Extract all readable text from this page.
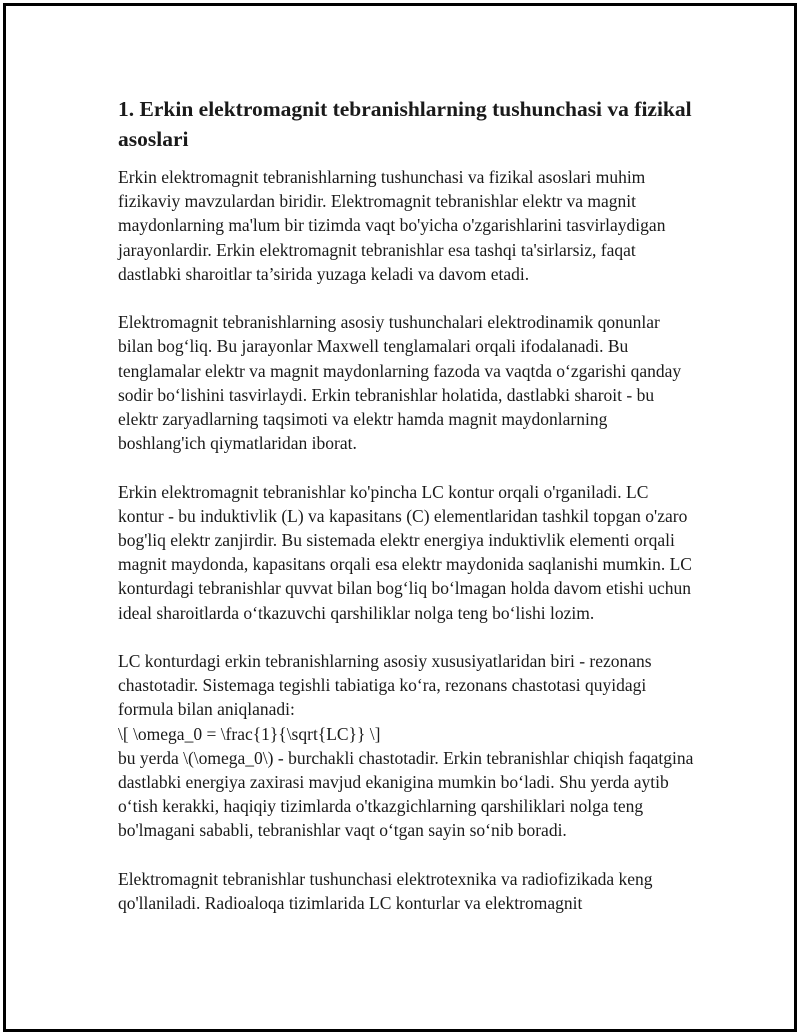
1. Erkin elektromagnit tebranishlarning tushunchasi va fizikal asoslari

Erkin elektromagnit tebranishlarning tushunchasi va fizikal asoslari muhim fizikaviy mavzulardan biridir. Elektromagnit tebranishlar elektr va magnit maydonlarning ma'lum bir tizimda vaqt bo'yicha o'zgarishlarini tasvirlaydigan jarayonlardir. Erkin elektromagnit tebranishlar esa tashqi ta'sirlarsiz, faqat dastlabki sharoitlar ta’sirida yuzaga keladi va davom etadi.

Elektromagnit tebranishlarning asosiy tushunchalari elektrodinamik qonunlar bilan bog‘liq. Bu jarayonlar Maxwell tenglamalari orqali ifodalanadi. Bu tenglamalar elektr va magnit maydonlarning fazoda va vaqtda o‘zgarishi qanday sodir bo‘lishini tasvirlaydi. Erkin tebranishlar holatida, dastlabki sharoit - bu elektr zaryadlarning taqsimoti va elektr hamda magnit maydonlarning boshlang'ich qiymatlaridan iborat.

Erkin elektromagnit tebranishlar ko'pincha LC kontur orqali o'rganiladi. LC kontur - bu induktivlik (L) va kapasitans (C) elementlaridan tashkil topgan o'zaro bog'liq elektr zanjirdir. Bu sistemada elektr energiya induktivlik elementi orqali magnit maydonda, kapasitans orqali esa elektr maydonida saqlanishi mumkin. LC konturdagi tebranishlar quvvat bilan bog‘liq bo‘lmagan holda davom etishi uchun ideal sharoitlarda o‘tkazuvchi qarshiliklar nolga teng bo‘lishi lozim.

LC konturdagi erkin tebranishlarning asosiy xususiyatlaridan biri - rezonans chastotadir. Sistemaga tegishli tabiatiga ko‘ra, rezonans chastotasi quyidagi formula bilan aniqlanadi:
\[ \omega_0 = \frac{1}{\sqrt{LC}} \]
bu yerda \(\omega_0\) - burchakli chastotadir. Erkin tebranishlar chiqish faqatgina dastlabki energiya zaxirasi mavjud ekanigina mumkin bo‘ladi. Shu yerda aytib o‘tish kerakki, haqiqiy tizimlarda o'tkazgichlarning qarshiliklari nolga teng bo'lmagani sababli, tebranishlar vaqt o‘tgan sayin so‘nib boradi.

Elektromagnit tebranishlar tushunchasi elektrotexnika va radiofizikada keng qo'llaniladi. Radioaloqa tizimlarida LC konturlar va elektromagnit
